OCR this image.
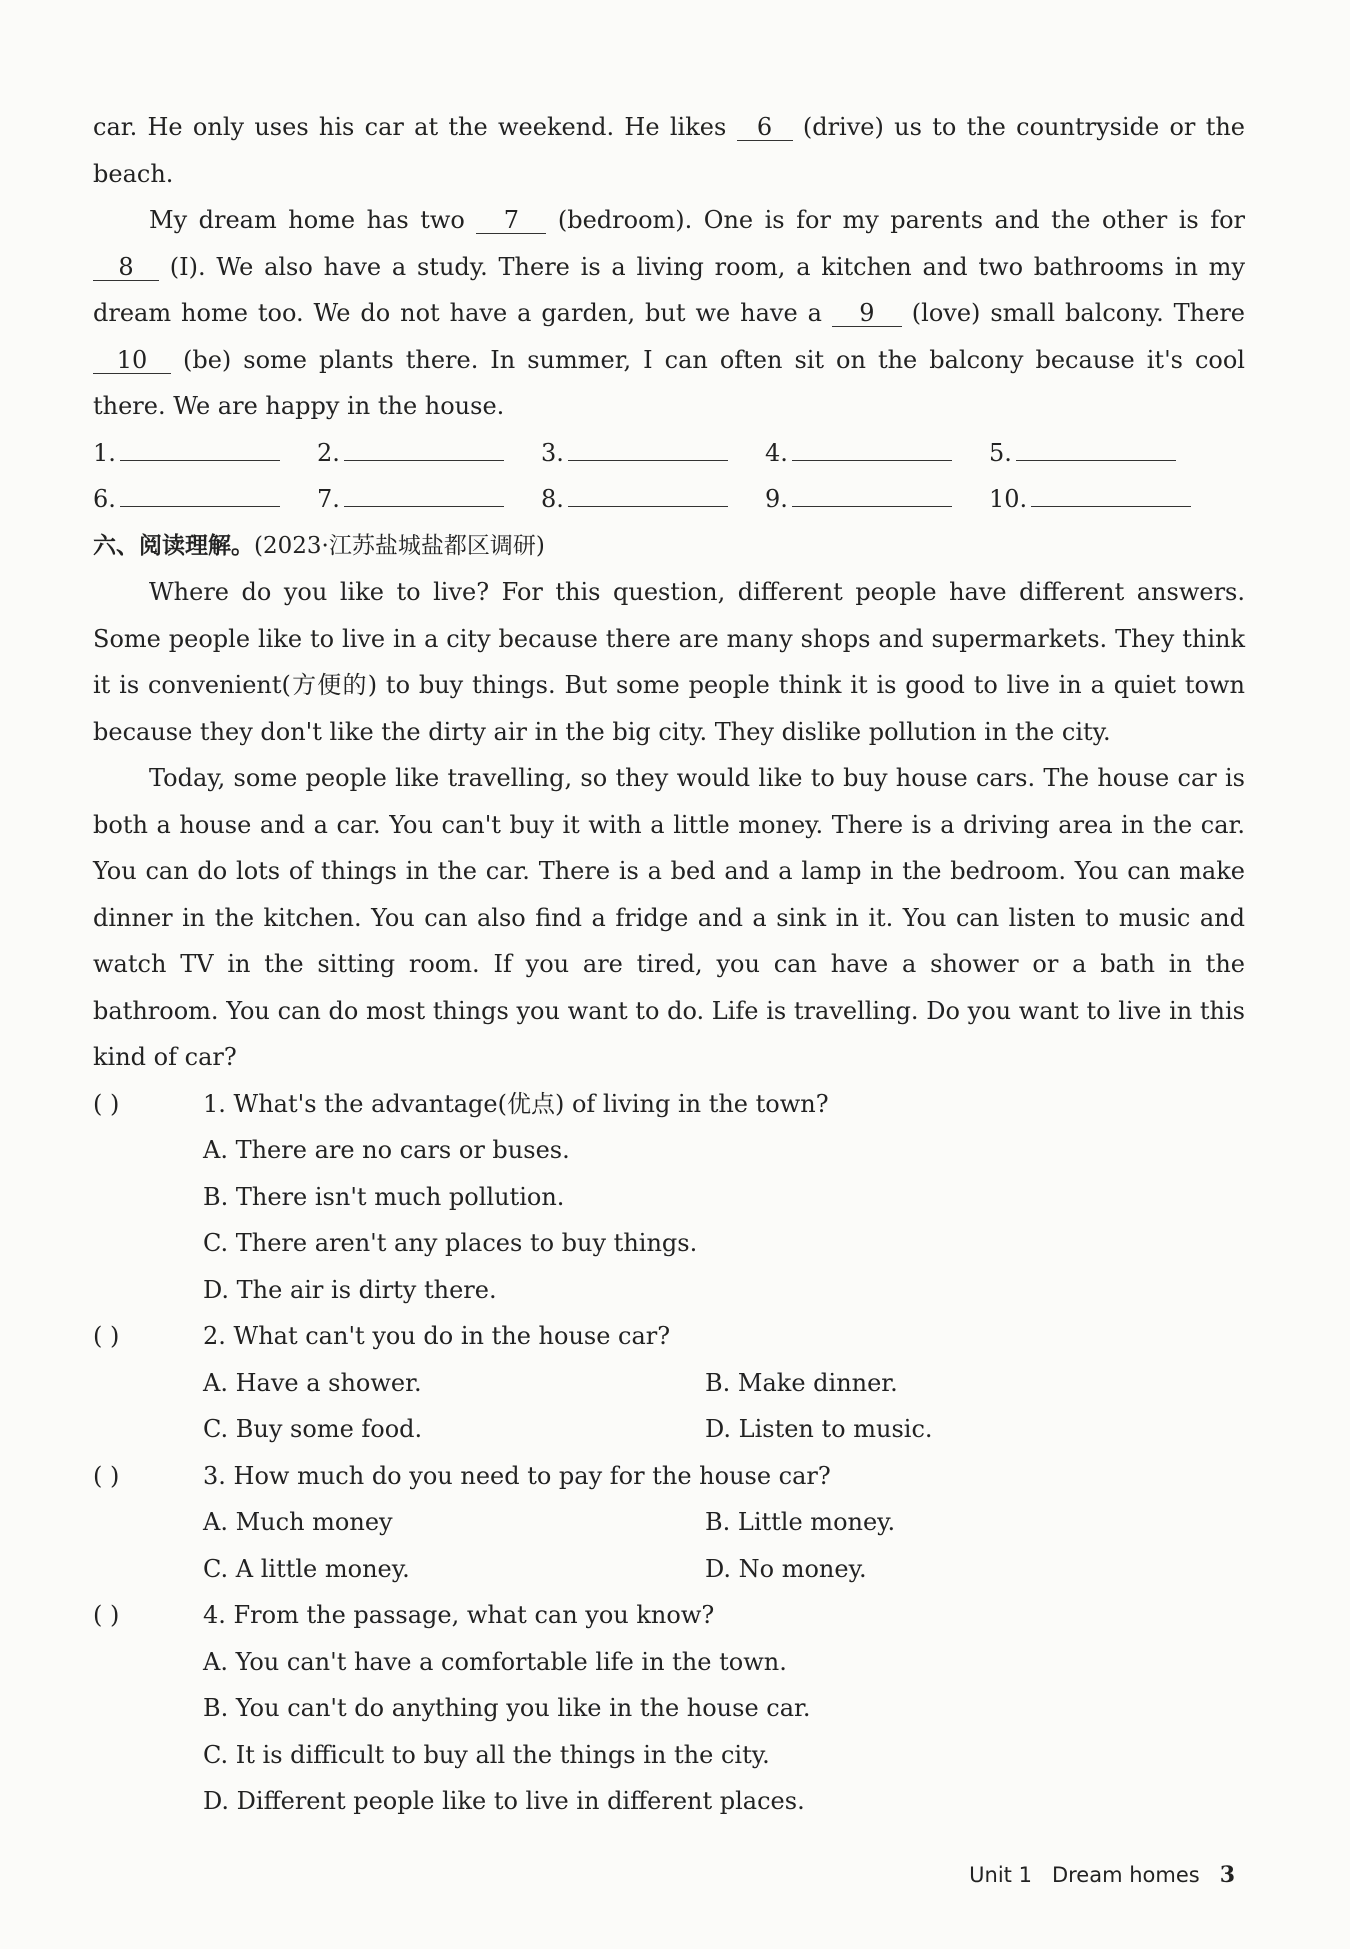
car. He only uses his car at the weekend. He likes 6 (drive) us to the countryside or the beach.

My dream home has two 7 (bedroom). One is for my parents and the other is for 8 (I). We also have a study. There is a living room, a kitchen and two bathrooms in my dream home too. We do not have a garden, but we have a 9 (love) small balcony. There 10 (be) some plants there. In summer, I can often sit on the balcony because it's cool there. We are happy in the house.

1.	2.	3.	4.	5.
6.	7.	8.	9.	10.

六、阅读理解。(2023·江苏盐城盐都区调研)

Where do you like to live? For this question, different people have different answers. Some people like to live in a city because there are many shops and supermarkets. They think it is convenient(方便的) to buy things. But some people think it is good to live in a quiet town because they don't like the dirty air in the big city. They dislike pollution in the city.

Today, some people like travelling, so they would like to buy house cars. The house car is both a house and a car. You can't buy it with a little money. There is a driving area in the car. You can do lots of things in the car. There is a bed and a lamp in the bedroom. You can make dinner in the kitchen. You can also find a fridge and a sink in it. You can listen to music and watch TV in the sitting room. If you are tired, you can have a shower or a bath in the bathroom. You can do most things you want to do. Life is travelling. Do you want to live in this kind of car?

( )	1. What's the advantage(优点) of living in the town?
A. There are no cars or buses.
B. There isn't much pollution.
C. There aren't any places to buy things.
D. The air is dirty there.
( )	2. What can't you do in the house car?
A. Have a shower.	B. Make dinner.
C. Buy some food.	D. Listen to music.
( )	3. How much do you need to pay for the house car?
A. Much money	B. Little money.
C. A little money.	D. No money.
( )	4. From the passage, what can you know?
A. You can't have a comfortable life in the town.
B. You can't do anything you like in the house car.
C. It is difficult to buy all the things in the city.
D. Different people like to live in different places.
Unit 1 Dream homes 3
